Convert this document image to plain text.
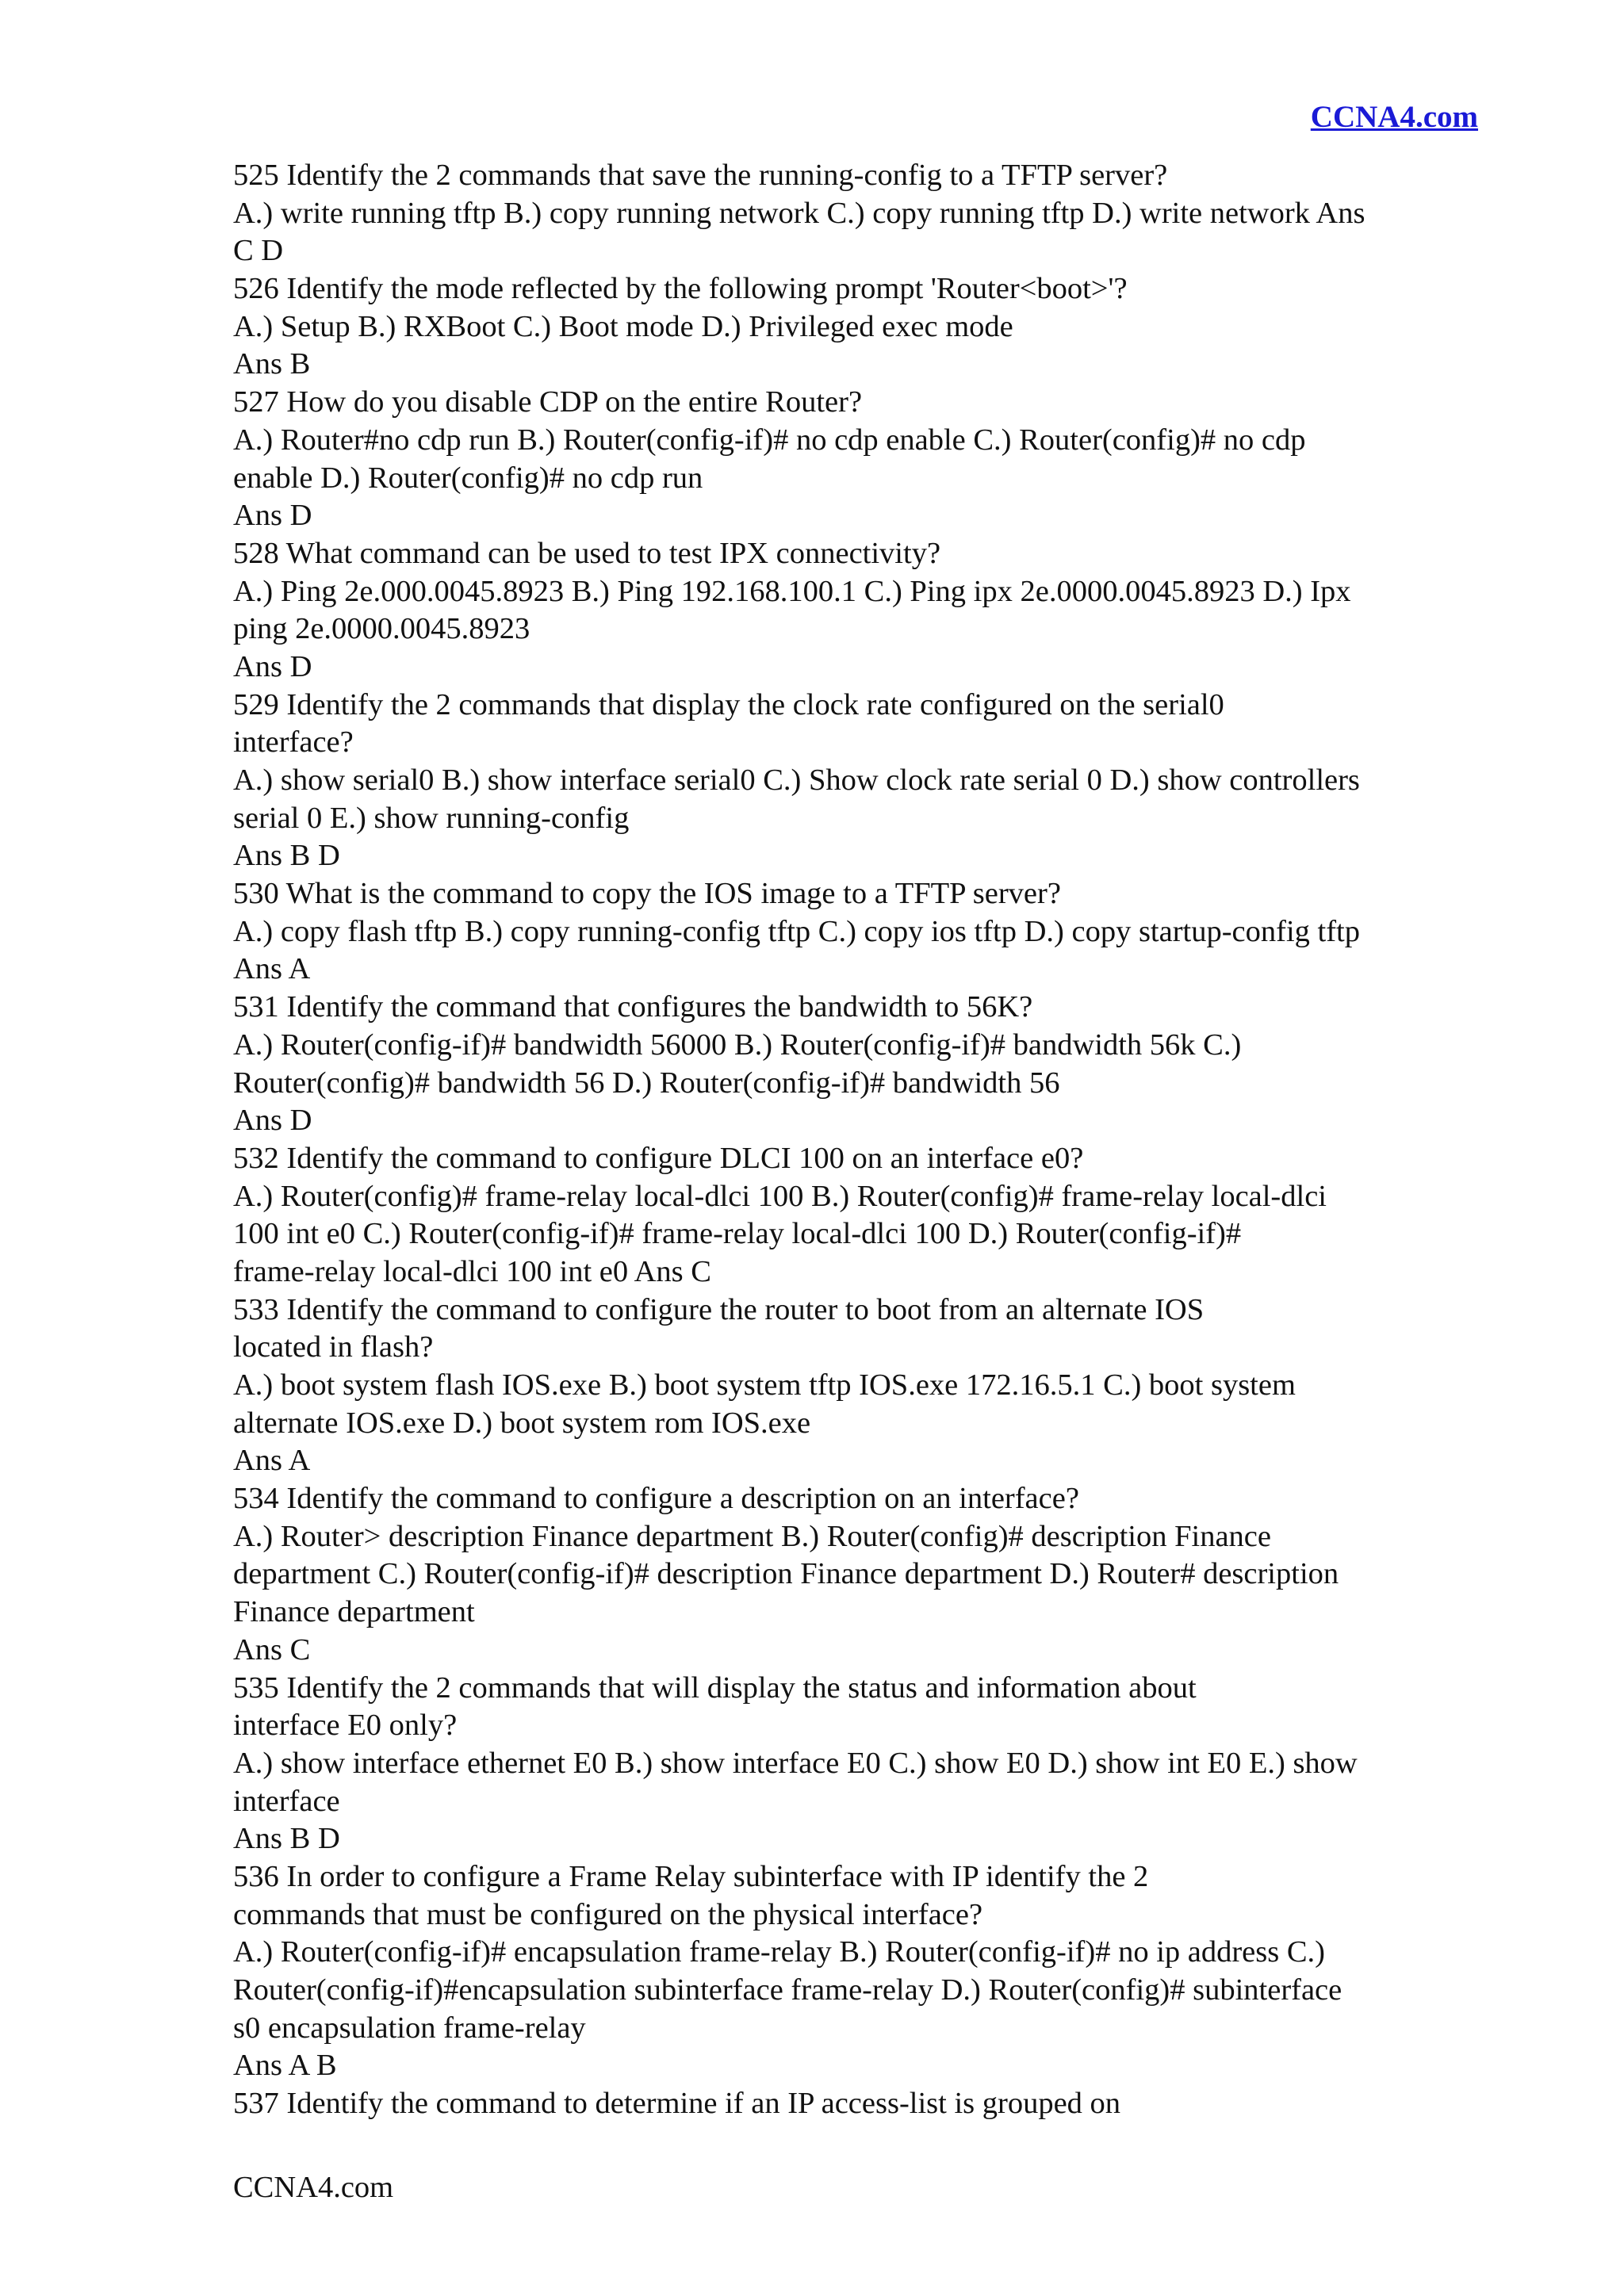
CCNA4.com
525 Identify the 2 commands that save the running-config to a TFTP server?
A.) write running tftp B.) copy running network C.) copy running tftp D.) write network Ans
C D
526 Identify the mode reflected by the following prompt 'Router<boot>'?
A.) Setup B.) RXBoot C.) Boot mode D.) Privileged exec mode
Ans B
527 How do you disable CDP on the entire Router?
A.) Router#no cdp run B.) Router(config-if)# no cdp enable C.) Router(config)# no cdp
enable D.) Router(config)# no cdp run
Ans D
528 What command can be used to test IPX connectivity?
A.) Ping 2e.000.0045.8923 B.) Ping 192.168.100.1 C.) Ping ipx 2e.0000.0045.8923 D.) Ipx
ping 2e.0000.0045.8923
Ans D
529 Identify the 2 commands that display the clock rate configured on the serial0
interface?
A.) show serial0 B.) show interface serial0 C.) Show clock rate serial 0 D.) show controllers
serial 0 E.) show running-config
Ans B D
530 What is the command to copy the IOS image to a TFTP server?
A.) copy flash tftp B.) copy running-config tftp C.) copy ios tftp D.) copy startup-config tftp
Ans A
531 Identify the command that configures the bandwidth to 56K?
A.) Router(config-if)# bandwidth 56000 B.) Router(config-if)# bandwidth 56k C.)
Router(config)# bandwidth 56 D.) Router(config-if)# bandwidth 56
Ans D
532 Identify the command to configure DLCI 100 on an interface e0?
A.) Router(config)# frame-relay local-dlci 100 B.) Router(config)# frame-relay local-dlci
100 int e0 C.) Router(config-if)# frame-relay local-dlci 100 D.) Router(config-if)#
frame-relay local-dlci 100 int e0 Ans C
533 Identify the command to configure the router to boot from an alternate IOS
located in flash?
A.) boot system flash IOS.exe B.) boot system tftp IOS.exe 172.16.5.1 C.) boot system
alternate IOS.exe D.) boot system rom IOS.exe
Ans A
534 Identify the command to configure a description on an interface?
A.) Router> description Finance department B.) Router(config)# description Finance
department C.) Router(config-if)# description Finance department D.) Router# description
Finance department
Ans C
535 Identify the 2 commands that will display the status and information about
interface E0 only?
A.) show interface ethernet E0 B.) show interface E0 C.) show E0 D.) show int E0 E.) show
interface
Ans B D
536 In order to configure a Frame Relay subinterface with IP identify the 2
commands that must be configured on the physical interface?
A.) Router(config-if)# encapsulation frame-relay B.) Router(config-if)# no ip address C.)
Router(config-if)#encapsulation subinterface frame-relay D.) Router(config)# subinterface
s0 encapsulation frame-relay
Ans A B
537 Identify the command to determine if an IP access-list is grouped on
CCNA4.com
